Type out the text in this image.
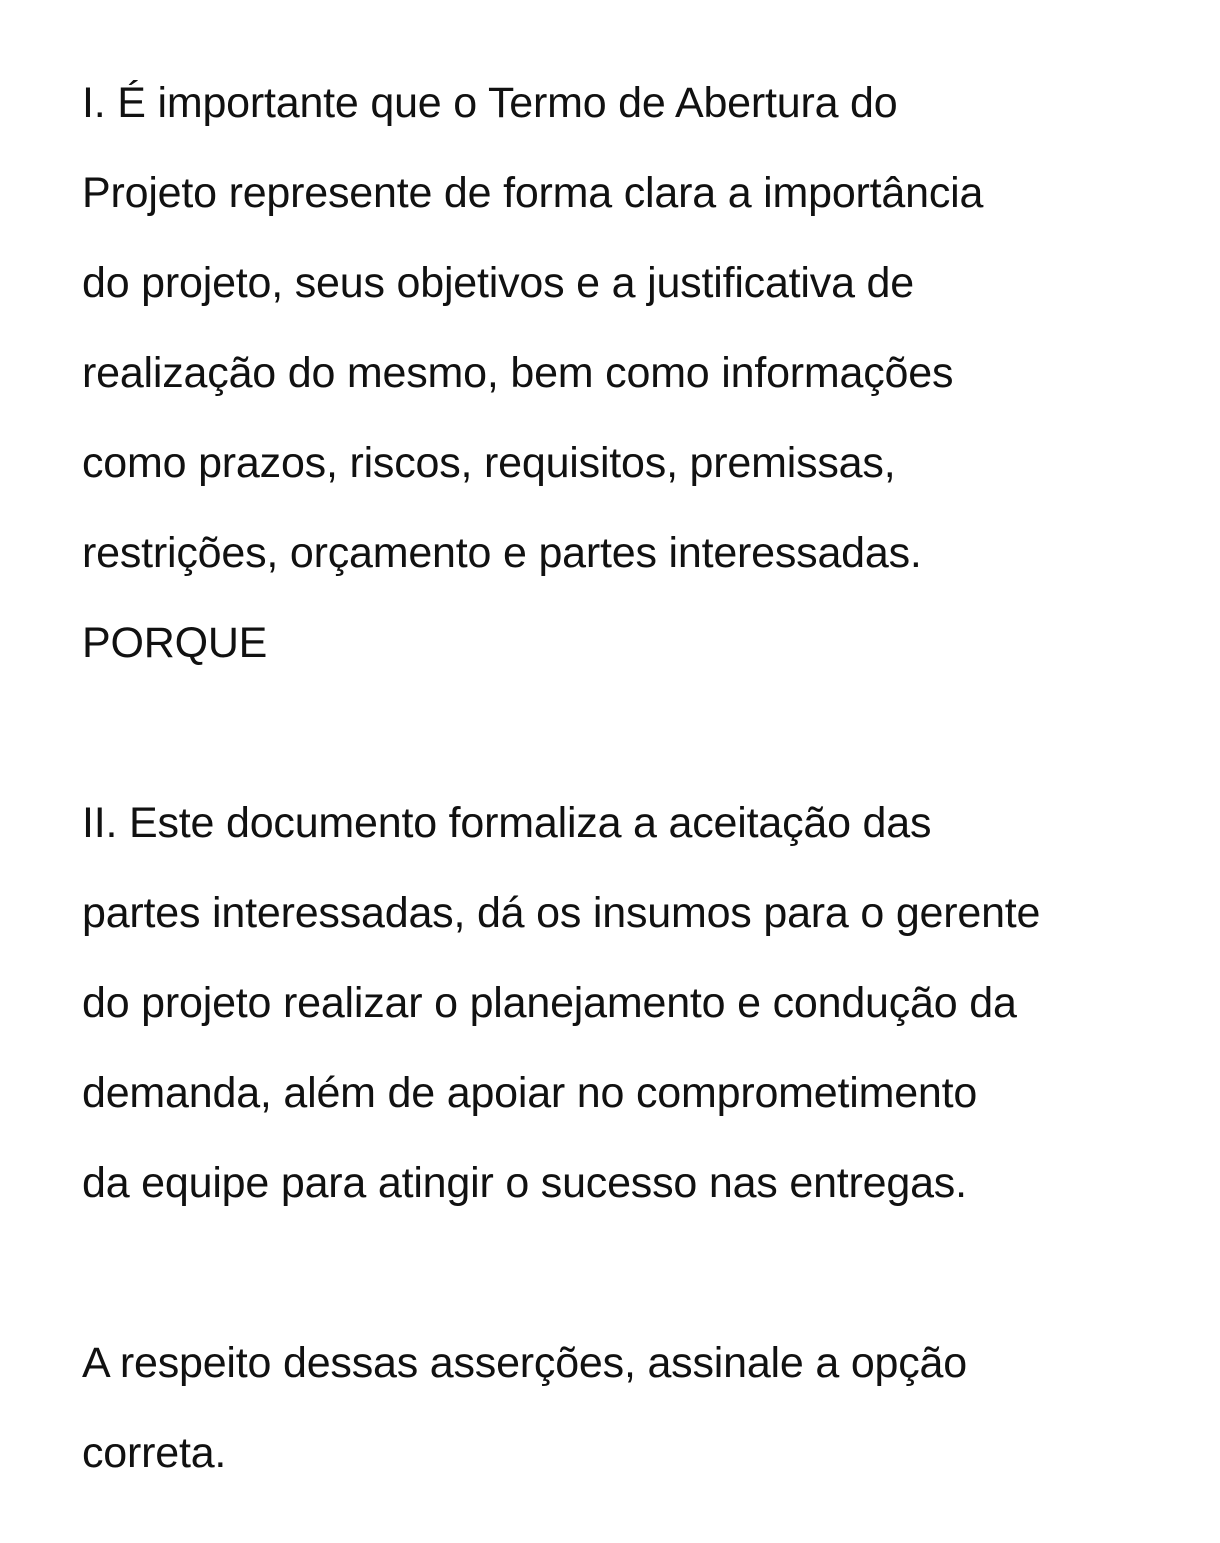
I. É importante que o Termo de Abertura do
Projeto represente de forma clara a importância
do projeto, seus objetivos e a justificativa de
realização do mesmo, bem como informações
como prazos, riscos, requisitos, premissas,
restrições, orçamento e partes interessadas.
PORQUE
II. Este documento formaliza a aceitação das
partes interessadas, dá os insumos para o gerente
do projeto realizar o planejamento e condução da
demanda, além de apoiar no comprometimento
da equipe para atingir o sucesso nas entregas.
A respeito dessas asserções, assinale a opção
correta.
